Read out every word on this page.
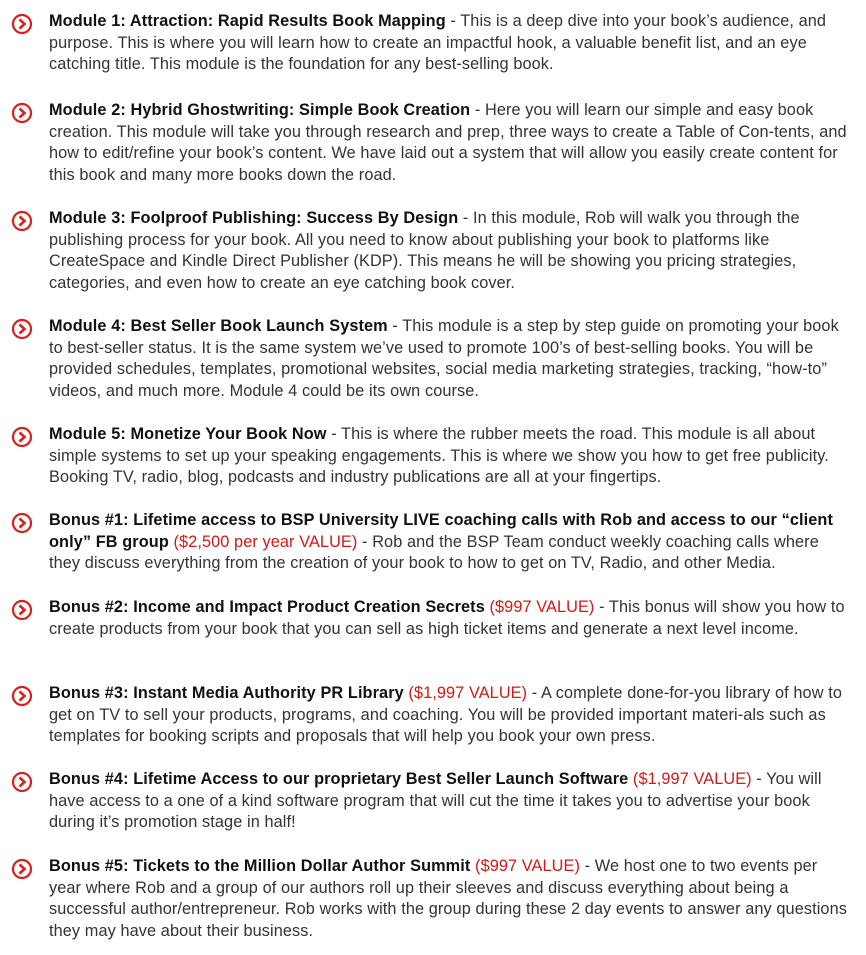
Module 1: Attraction: Rapid Results Book Mapping - This is a deep dive into your book’s audience, and purpose. This is where you will learn how to create an impactful hook, a valuable benefit list, and an eye catching title. This module is the foundation for any best-selling book.
Module 2: Hybrid Ghostwriting: Simple Book Creation - Here you will learn our simple and easy book creation. This module will take you through research and prep, three ways to create a Table of Con-tents, and how to edit/refine your book’s content. We have laid out a system that will allow you easily create content for this book and many more books down the road.
Module 3: Foolproof Publishing: Success By Design - In this module, Rob will walk you through the publishing process for your book. All you need to know about publishing your book to platforms like CreateSpace and Kindle Direct Publisher (KDP). This means he will be showing you pricing strategies, categories, and even how to create an eye catching book cover.
Module 4: Best Seller Book Launch System - This module is a step by step guide on promoting your book to best-seller status. It is the same system we’ve used to promote 100’s of best-selling books. You will be provided schedules, templates, promotional websites, social media marketing strategies, tracking, “how-to” videos, and much more. Module 4 could be its own course.
Module 5: Monetize Your Book Now - This is where the rubber meets the road. This module is all about simple systems to set up your speaking engagements. This is where we show you how to get free publicity. Booking TV, radio, blog, podcasts and industry publications are all at your fingertips.
Bonus #1: Lifetime access to BSP University LIVE coaching calls with Rob and access to our “client only” FB group ($2,500 per year VALUE) - Rob and the BSP Team conduct weekly coaching calls where they discuss everything from the creation of your book to how to get on TV, Radio, and other Media.
Bonus #2: Income and Impact Product Creation Secrets ($997 VALUE) - This bonus will show you how to create products from your book that you can sell as high ticket items and generate a next level income.
Bonus #3: Instant Media Authority PR Library ($1,997 VALUE) - A complete done-for-you library of how to get on TV to sell your products, programs, and coaching. You will be provided important materi-als such as templates for booking scripts and proposals that will help you book your own press.
Bonus #4: Lifetime Access to our proprietary Best Seller Launch Software ($1,997 VALUE) - You will have access to a one of a kind software program that will cut the time it takes you to advertise your book during it’s promotion stage in half!
Bonus #5: Tickets to the Million Dollar Author Summit ($997 VALUE) - We host one to two events per year where Rob and a group of our authors roll up their sleeves and discuss everything about being a successful author/entrepreneur. Rob works with the group during these 2 day events to answer any questions they may have about their business.
